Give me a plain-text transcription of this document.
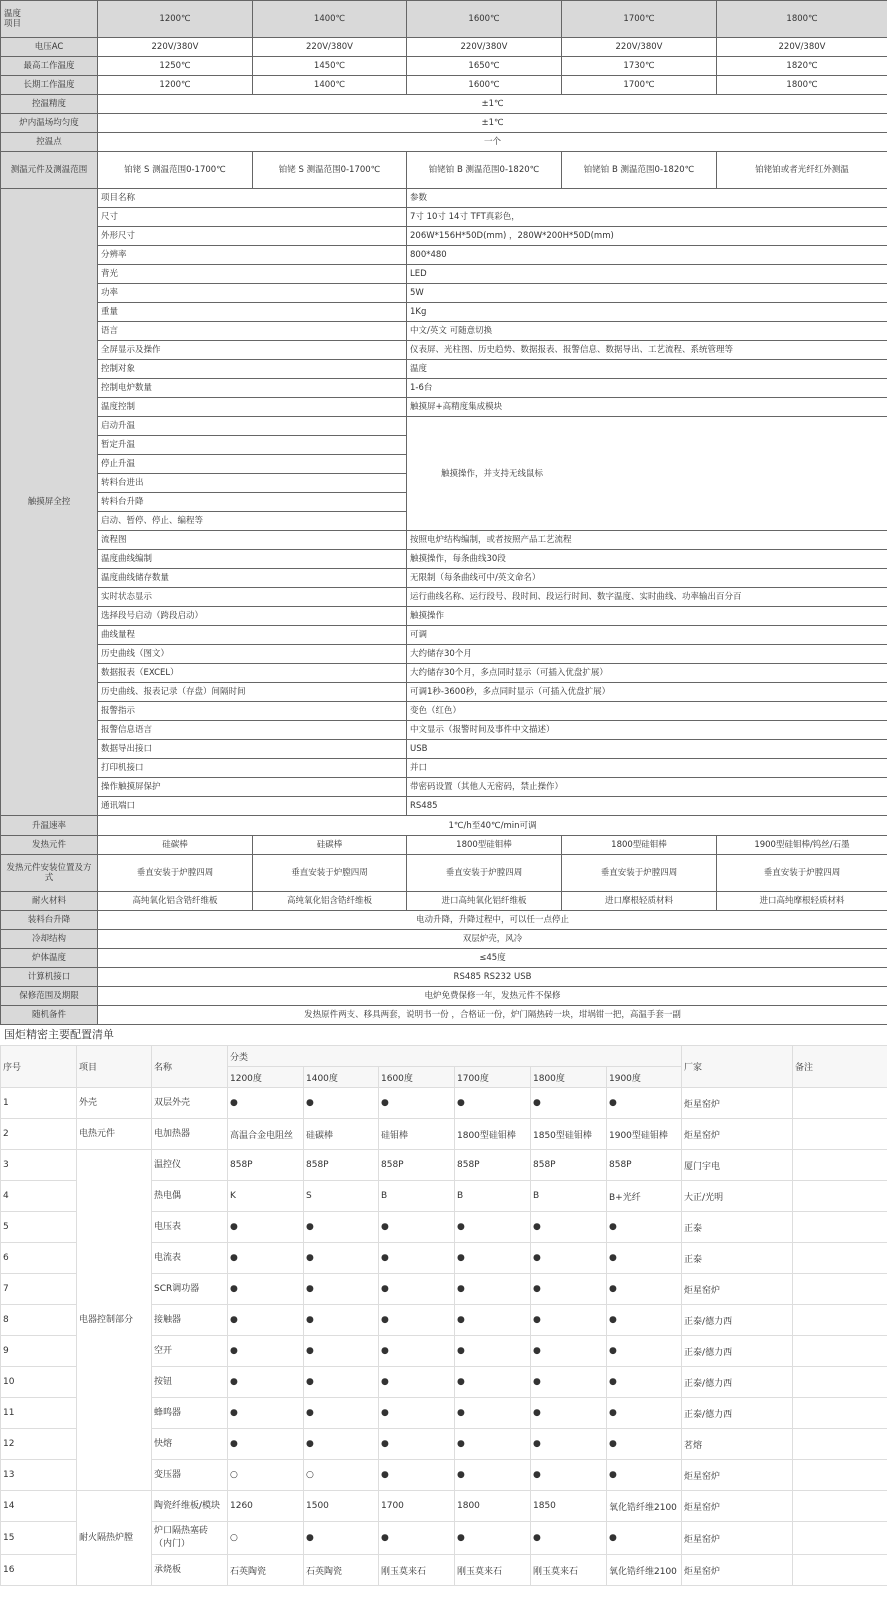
温度
项目	1200℃	1400℃	1600℃	1700℃	1800℃
电压AC	220V/380V	220V/380V	220V/380V	220V/380V	220V/380V
最高工作温度	1250℃	1450℃	1650℃	1730℃	1820℃
长期工作温度	1200℃	1400℃	1600℃	1700℃	1800℃
控温精度	±1℃				
炉内温场均匀度	±1℃				
控温点	一个				
测温元件及测温范围	铂铑 S 测温范围0-1700℃	铂铑 S 测温范围0-1700℃	铂铑铂 B 测温范围0-1820℃	铂铑铂 B 测温范围0-1820℃	铂铑铂或者光纤红外测温
触摸屏全控	项目名称		参数		
	尺寸		7寸 10寸 14寸 TFT真彩色，		
	外形尺寸		206W*156H*50D(mm) ，280W*200H*50D(mm)		
	分辨率		800*480		
	背光		LED		
	功率		5W		
	重量		1Kg		
	语言		中文/英文 可随意切换		
	全屏显示及操作		仪表屏、光柱图、历史趋势、数据报表、报警信息、数据导出、工艺流程、系统管理等		
	控制对象		温度		
	控制电炉数量		1-6台		
	温度控制		触摸屏+高精度集成模块		
	启动升温		触摸操作，并支持无线鼠标		
	暂定升温				
	停止升温				
	转料台进出				
	转料台升降				
	启动、暂停、停止、编程等				
	流程图		按照电炉结构编制，或者按照产品工艺流程		
	温度曲线编制		触摸操作，每条曲线30段		
	温度曲线储存数量		无限制（每条曲线可中/英文命名）		
	实时状态显示		运行曲线名称、运行段号、段时间、段运行时间、数字温度、实时曲线、功率输出百分百		
	选择段号启动（跨段启动）		触摸操作		
	曲线量程		可调		
	历史曲线（图文）		大约储存30个月		
	数据报表（EXCEL）		大约储存30个月，多点同时显示（可插入优盘扩展）		
	历史曲线、报表记录（存盘）间隔时间		可调1秒-3600秒，多点同时显示（可插入优盘扩展）		
	报警指示		变色（红色）		
	报警信息语言		中文显示（报警时间及事件中文描述）		
	数据导出接口		USB		
	打印机接口		并口		
	操作触摸屏保护		带密码设置（其他人无密码，禁止操作）		
	通讯端口		RS485		
升温速率	1℃/h至40℃/min可调				
发热元件	硅碳棒	硅碳棒	1800型硅钼棒	1800型硅钼棒	1900型硅钼棒/钨丝/石墨
发热元件安装位置及方式	垂直安装于炉膛四周	垂直安装于炉膛四周	垂直安装于炉膛四周	垂直安装于炉膛四周	垂直安装于炉膛四周
耐火材料	高纯氧化铝含锆纤维板	高纯氧化铝含锆纤维板	进口高纯氧化铝纤维板	进口摩根轻质材料	进口高纯摩根轻质材料
装料台升降	电动升降，升降过程中，可以任一点停止				
冷却结构	双层炉壳，风冷				
炉体温度	≤45度				
计算机接口	RS485 RS232 USB				
保修范围及期限	电炉免费保修一年，发热元件不保修				
随机备件	发热原件两支、移具两套，说明书一份 ，合格证一份，炉门隔热砖一块，坩埚钳一把，高温手套一副				
国炬精密主要配置清单
序号	项目	名称	分类						厂家	备注
			1200度	1400度	1600度	1700度	1800度	1900度		
1	外壳	双层外壳	●	●	●	●	●	●	炬星窑炉	
2	电热元件	电加热器	高温合金电阻丝	硅碳棒	硅钼棒	1800型硅钼棒	1850型硅钼棒	1900型硅钼棒	炬星窑炉	
3	电器控制部分	温控仪	858P	858P	858P	858P	858P	858P	厦门宇电	
4		热电偶	K	S	B	B	B	B+光纤	大正/光明	
5		电压表	●	●	●	●	●	●	正泰	
6		电流表	●	●	●	●	●	●	正泰	
7		SCR调功器	●	●	●	●	●	●	炬星窑炉	
8		接触器	●	●	●	●	●	●	正泰/德力西	
9		空开	●	●	●	●	●	●	正泰/德力西	
10		按钮	●	●	●	●	●	●	正泰/德力西	
11		蜂鸣器	●	●	●	●	●	●	正泰/德力西	
12		快熔	●	●	●	●	●	●	茗熔	
13		变压器	○	○	●	●	●	●	炬星窑炉	
14	耐火隔热炉膛	陶瓷纤维板/模块	1260	1500	1700	1800	1850	氧化锆纤维2100	炬星窑炉	
15		炉口隔热塞砖（内门）	○	●	●	●	●	●	炬星窑炉	
16		承烧板	石英陶瓷	石英陶瓷	刚玉莫来石	刚玉莫来石	刚玉莫来石	氧化锆纤维2100	炬星窑炉	
